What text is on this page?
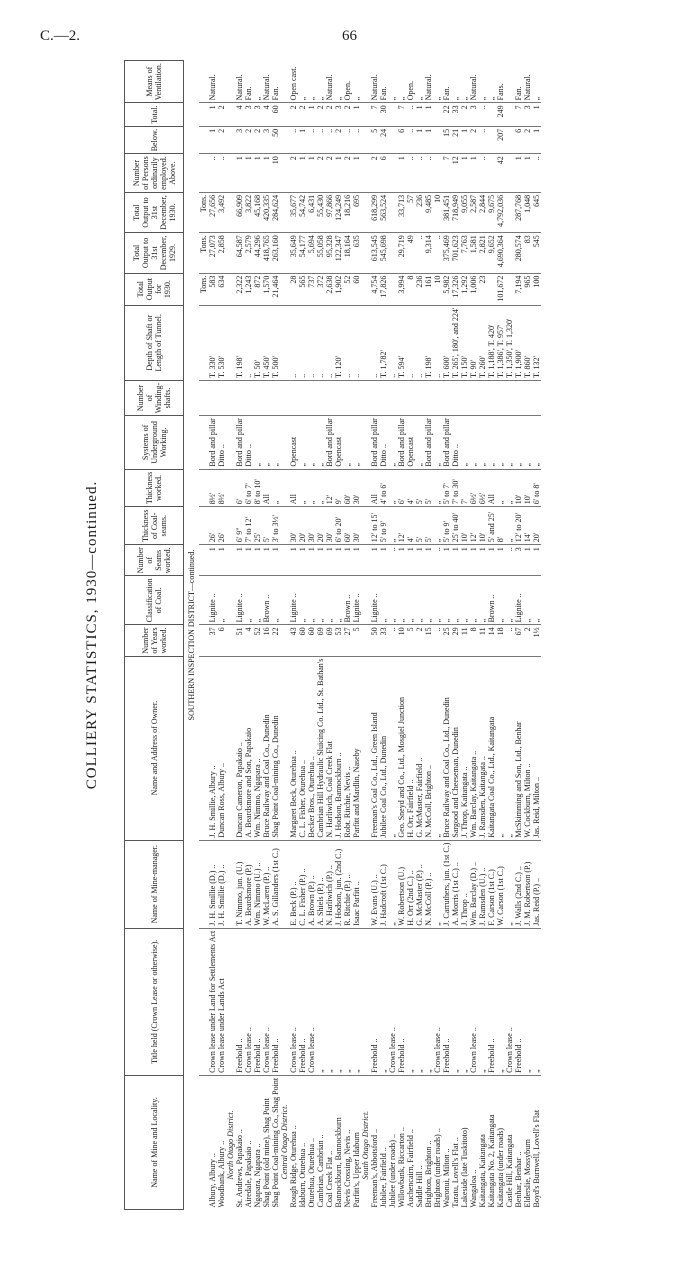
C.—2.	66
COLLIERY STATISTICS, 1930—continued.
Name of Mine and Locality.	Title held (Crown Lease or otherwise).	Name of Mine-manager.	Name and Address of Owner.	Number of Years worked.	Classification of Coal.	Number of Seams worked.	Thickness of Coal-seams.	Thickness worked.	Systems of Underground Working.	Number of Winding-shafts.	Depth of Shaft or Length of Tunnel.	Total Output for 1930.	Total Output to 31st December, 1929.	Total Output to 31st December, 1930.	Number of Persons ordinarily employed. Above.	Below.	Total.	Means of Ventilation.
SOUTHERN INSPECTION DISTRICT—continued.																		
												Tons.	Tons.	Tons.				
Albury, Albury ..	Crown lease under Land for Settlements Act	J. H. Smillie (D.) ..	J. H. Smillie, Albury ..	37	Lignite ..	1	26'	8½'	Bord and pillar		T. 330'	583	27,073	27,656	..	1	1	Natural.
Woodbank, Albury ..	Crown lease under Lands Act	J. H. Smillie (D.) ..	Duncan Ross, Albury ..	6	„	1	26'	8½'	Ditto ..		T. 530'	634	2,858	3,492	..	2	2	
North Otago District.																		
St. Andrews, Papakaio ..	Freehold ..	T. Nimmo, jun. (U.)	Duncan Cameron, Papakaio ..	51	Lignite ..	1	6' 9"	6'	Bord and pillar		T. 198'	2,322	64,587	66,909	1	3	4	Natural.
Airedale, Papakaio ..	Crown lease ..	A. Beardsmore (P.)	A. Beardsmore and Son, Papakaio	4	„	1	7' to 12'	6' to 7'	Ditto ..		..	1,243	2,579	3,822	1	2	3	Fan.
Ngapara, Ngapara ..	Freehold ..	Wm. Nimmo (U.) ..	Wm. Nimmo, Ngapara ..	52	„	1	25'	8' to 10'	„		T. 50'	872	44,296	45,168	1	2	3	„
Shag Point (old mine), Shag Point	Crown lease ..	W. McLaren (P.) ..	Bruce Railway and Coal Co., Dunedin	16	Brown ..	1	5'	All	„		T. 450'	1,570	418,765	420,335	1	3	4	Natural.
Shag Point Coal-mining Co., Shag Point	Freehold ..	A. S. Gillanders (1st C.)	Shag Point Coal-mining Co., Dunedin	22	„	1	3' to 3½'	„	„		T. 500'	21,464	263,160	284,624	10	50	60	Fan.
Central Otago District.																		
Rough Ridge, Oturehua ..	Crown lease ..	E. Beck (P.) ..	Margaret Beck, Oturehua ..	43	Lignite ..	1	30'	All	Opencast		..	28	35,649	35,677	2	..	2	Open cast.
Idaburn, Oturehua ..	Freehold ..	C. L. Fisher (P.) ..	C. L. Fisher, Oturehua ..	60	„	1	20'	„	„		..	565	54,177	54,742	1	1	2	„
Oturehua, Oturehua ..	Crown lease ..	A. Brown (P.) ..	Becker Bros., Oturehua ..	60	„	1	30'	„	„		..	737	5,694	6,431	1	..	1	„
Cambrian, Cambrian ..	„	A. Shiels (P.) ..	Cambrian Hill Hydraulic Sluicing Co. Ltd., St. Bathan's	69	„	1	20'	„	„		..	372	55,058	55,430	2	..	2	„
Coal Creek Flat ..	„	N. Harliwich (P.) ..	N. Harliwich, Coal Creek Flat	69	„	1	30'	12'	Bord and pillar		..	2,638	95,328	97,866	2	..	2	Natural.
Bannockburn, Bannockburn	„	J. Hodson, jun. (2nd C.)	J. Hodson, Bannockburn ..	53	„	1	6' to 20'	9'	Opencast		T. 120'	1,902	122,347	124,249	1	2	3	„
Nevis Crossing, Nevis ..	„	R. Ritchie (P.) ..	Robt. Ritchie, Nevis ..	27	Brown ..	1	60'	60'	„		..	52	18,164	18,216	2	..	2	Open.
Parfitt's, Upper Idaburn	„	Isaac Parfitt ..	Parfitt and Mardlin, Naseby	5	Lignite ..	1	30'	30'	„		..	60	635	695	1	..	1	„
South Otago District.																		
Freeman's, Abbotsford ..	Freehold ..	W. Evans (U.) ..	Freeman's Coal Co., Ltd., Green Island	50	Lignite ..	1	12' to 15'	All	Bord and pillar		..	4,754	613,545	618,299	2	5	7	Natural.
Jubilee, Fairfield ..	„	J. Hadcroft (1st C.)	Jubilee Coal Co., Ltd., Dunedin	33	„	1	5' to 9'	4' to 6'	Ditto ..		T. 1,782'	17,826	545,698	563,524	6	24	30	Fan.
Jubilee (under roads) ..	Crown lease ..	„	„	..	„	..	„	„	„		..							„
Willowbank, Riccarton ..	Freehold ..	W. Robertson (U.)	Geo. Sneyd and Co., Ltd., Mosgiel Junction	10	„	1	12'	6'	Bord and pillar		T. 594'	3,994	29,719	33,713	1	6	7	„
Auchencairn, Fairfield ..	„	H. Orr (2nd C.) ..	H. Orr, Fairfield ..	5	„	1	4'	4'	Opencast		..	8	49	57	..	..	..	Open.
Saddle Hill ..	„	G. McMaster (P.) ..	G. McMaster, Fairfield ..	2	„	1	5'	5'	„		..	236	..	236	..	1	1	„
Brighton, Brighton ..	„	N. McColl (P.) ..	N. McColl, Brighton ..	15	„	1	5'	5'	Bord and pillar		T. 198'	161	9,314	9,485	..	1	1	Natural.
Brighton (under roads) ..	Crown lease ..	„	„	..	„	..	„	„	„		..	10	..	10				„
Waronui, Milton ..	Freehold ..	J. Carruthers, jun. (1st C.)	Bruce Railway and Coal Co., Ltd., Dunedin	25	„	1	5' to 9'	5' to 7'	Bord and pillar		T. 600'	5,982	375,469	381,451	7	15	22	Fan.
Taratu, Lovell's Flat ..	„	A. Morris (1st C.) ..	Sargood and Cheeseman, Dunedin	29	„	1	25' to 40'	7' to 30'	Ditto ..		T. 265', 180', and 224'	17,326	701,623	718,949	12	21	33	„
Lakeside (late Tuskitoto)	„	J. Throp ..	J. Throp, Kaitangata ..	11	„	1	10'	7'	„		T. 150'	1,292	7,763	9,055	1	1	2	„
Wangaloa ..	Crown lease ..	Wm. Barclay (D.) ..	Wm. Barclay, Kaitangata ..	8	„	1	12'	6½'	„		T. 90'	1,006	1,581	2,587	1	2	3	Natural.
Kaitangata, Kaitangata	„	J. Ramsden (U.) ..	J. Ramsden, Kaitangata ..	11	„	1	10'	6½'	„		T. 260'	23	2,821	2,844	..	..	..	„
Kaitangata No. 2, Kaitangata	Freehold ..	F. Carson (1st C.)	Kaitangata Coal Co., Ltd., Kaitangata	14	Brown ..	1	5' and 25'	All	„		T. 1,188', T. 420'		9,652	9,675				„
Kaitangata (under roads)	„	W. Carson (1st C.)	„	18	„	1	8'	„	„		T. 1,386', T. 957'	101,672	4,690,364	4,792,036	42	207	249	Fans.
Castle Hill, Kaitangata	Crown lease ..	„	„	..	„	..	„	„	„		T. 1,350', T. 1,320'							
Benhar, Benhar ..	Freehold ..	J. Walls (2nd C.) ..	McSkimming and Son, Ltd., Benhar	67	Lignite ..	3	12' to 20'	10'	„		T. 1,900'	7,194	280,574	287,768	1	6	7	Fan.
Elderslie, Mossyburn	„	J. M. Robertson (P.)	W. Cockburn, Milton ..	2	„	1	14'	10'	„		T. 860'	965	83	1,048	1	2	3	Natural.
Boyd's Burnwell, Lovell's Flat	„	Jas. Reid (P.) ..	Jas. Reid, Milton ..	1½	„	1	20'	6' to 8'	„		T. 132'	100	545	645	..	1	1	„
